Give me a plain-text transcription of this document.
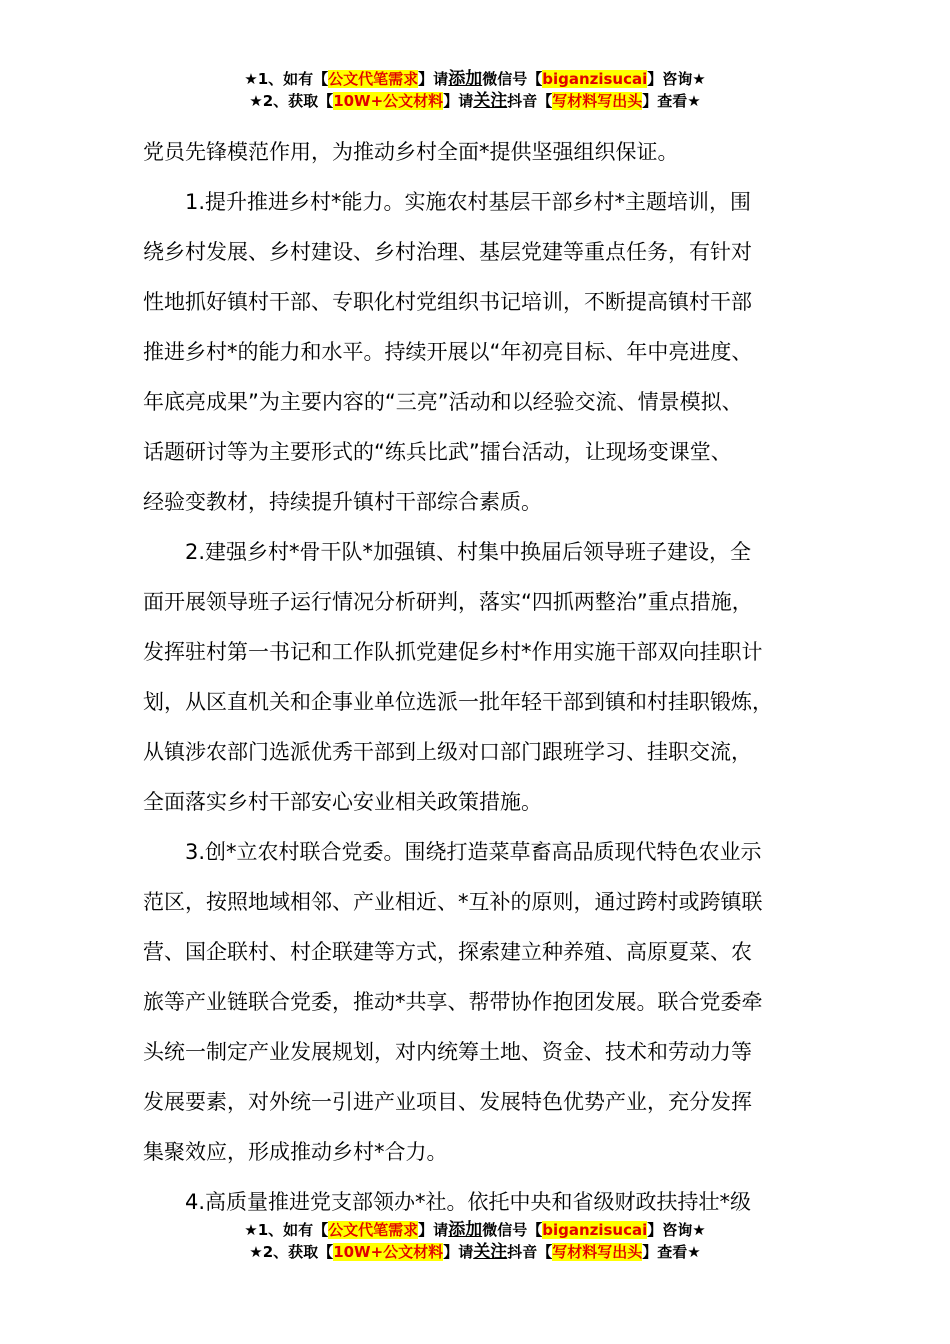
★1、如有【公文代笔需求】请添加微信号【biganzisucai】咨询★
★2、获取【10W+公文材料】请关注抖音【写材料写出头】查看★

党员先锋模范作用，为推动乡村全面*提供坚强组织保证。

1.提升推进乡村*能力。实施农村基层干部乡村*主题培训，围
绕乡村发展、乡村建设、乡村治理、基层党建等重点任务，有针对
性地抓好镇村干部、专职化村党组织书记培训，不断提高镇村干部
推进乡村*的能力和水平。持续开展以“年初亮目标、年中亮进度、
年底亮成果”为主要内容的“三亮”活动和以经验交流、情景模拟、
话题研讨等为主要形式的“练兵比武”擂台活动，让现场变课堂、
经验变教材，持续提升镇村干部综合素质。

2.建强乡村*骨干队*加强镇、村集中换届后领导班子建设，全
面开展领导班子运行情况分析研判，落实“四抓两整治”重点措施，
发挥驻村第一书记和工作队抓党建促乡村*作用实施干部双向挂职计
划，从区直机关和企事业单位选派一批年轻干部到镇和村挂职锻炼，
从镇涉农部门选派优秀干部到上级对口部门跟班学习、挂职交流，
全面落实乡村干部安心安业相关政策措施。

3.创*立农村联合党委。围绕打造菜草畜高品质现代特色农业示
范区，按照地域相邻、产业相近、*互补的原则，通过跨村或跨镇联
营、国企联村、村企联建等方式，探索建立种养殖、高原夏菜、农
旅等产业链联合党委，推动*共享、帮带协作抱团发展。联合党委牵
头统一制定产业发展规划，对内统筹土地、资金、技术和劳动力等
发展要素，对外统一引进产业项目、发展特色优势产业，充分发挥
集聚效应，形成推动乡村*合力。

4.高质量推进党支部领办*社。依托中央和省级财政扶持壮*级

★1、如有【公文代笔需求】请添加微信号【biganzisucai】咨询★
★2、获取【10W+公文材料】请关注抖音【写材料写出头】查看★
